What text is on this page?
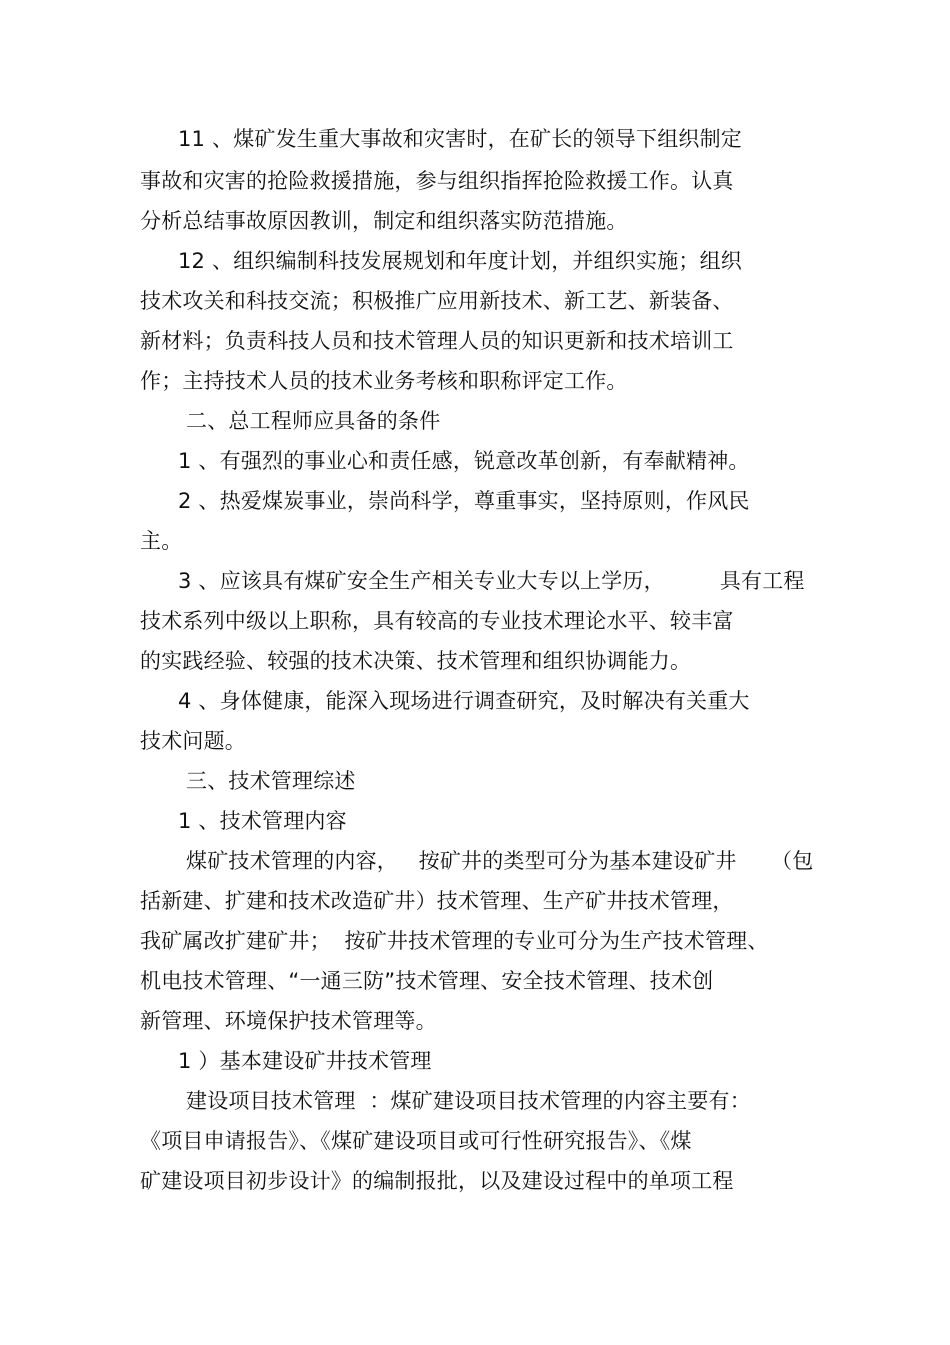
11 、煤矿发生重大事故和灾害时，在矿长的领导下组织制定
事故和灾害的抢险救援措施，参与组织指挥抢险救援工作。认真
分析总结事故原因教训，制定和组织落实防范措施。
12 、组织编制科技发展规划和年度计划，并组织实施；组织
技术攻关和科技交流；积极推广应用新技术、新工艺、新装备、
新材料；负责科技人员和技术管理人员的知识更新和技术培训工
作；主持技术人员的技术业务考核和职称评定工作。
二、总工程师应具备的条件
1 、有强烈的事业心和责任感，锐意改革创新，有奉献精神。
2 、热爱煤炭事业，崇尚科学，尊重事实，坚持原则，作风民
主。
3 、应该具有煤矿安全生产相关专业大专以上学历，        具有工程
技术系列中级以上职称，具有较高的专业技术理论水平、较丰富
的实践经验、较强的技术决策、技术管理和组织协调能力。
4 、身体健康，能深入现场进行调查研究，及时解决有关重大
技术问题。
三、技术管理综述
1 、技术管理内容
煤矿技术管理的内容，   按矿井的类型可分为基本建设矿井     （包
括新建、扩建和技术改造矿井）技术管理、生产矿井技术管理，
我矿属改扩建矿井；  按矿井技术管理的专业可分为生产技术管理、
机电技术管理、“一通三防”技术管理、安全技术管理、技术创
新管理、环境保护技术管理等。
1 ）基本建设矿井技术管理
建设项目技术管理  ：煤矿建设项目技术管理的内容主要有：
《项目申请报告》、《煤矿建设项目或可行性研究报告》、《煤
矿建设项目初步设计》的编制报批，以及建设过程中的单项工程
